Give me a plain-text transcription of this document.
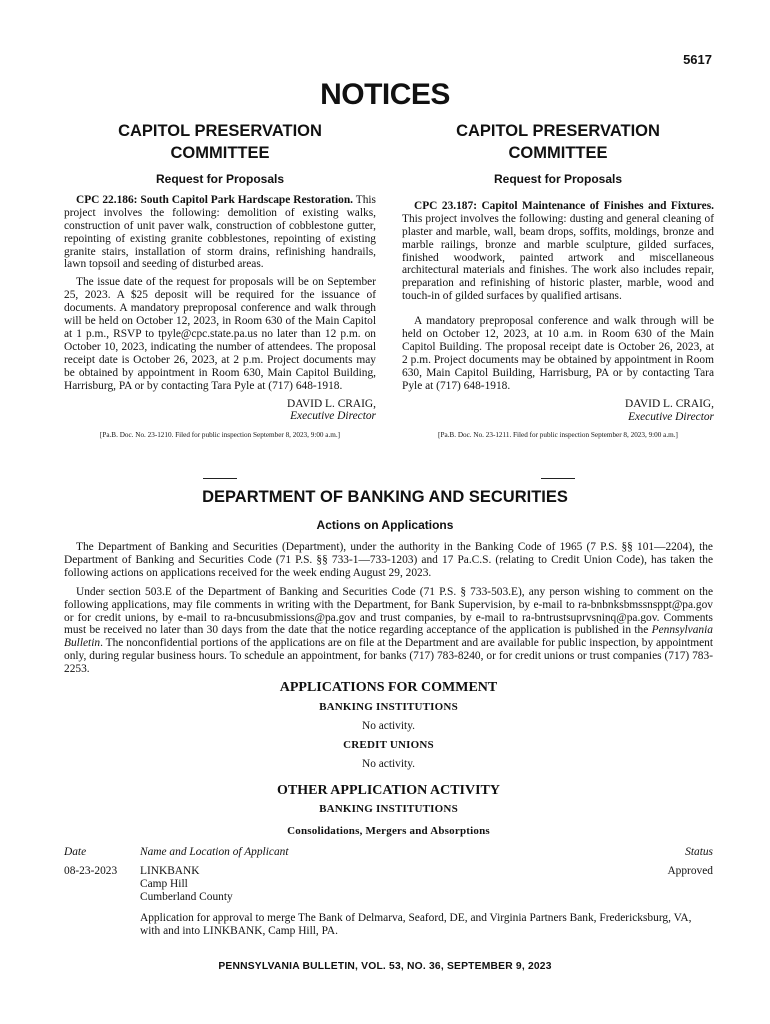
5617
NOTICES
CAPITOL PRESERVATION
COMMITTEE
Request for Proposals

CPC 22.186: South Capitol Park Hardscape Restoration. This project involves the following: demolition of existing walks, construction of unit paver walk, construction of cobblestone gutter, repointing of existing granite cobblestones, repointing of existing granite stairs, installation of storm drains, refinishing handrails, lawn topsoil and seeding of disturbed areas.

The issue date of the request for proposals will be on September 25, 2023. A $25 deposit will be required for the issuance of documents. A mandatory preproposal conference and walk through will be held on October 12, 2023, in Room 630 of the Main Capitol at 1 p.m., RSVP to tpyle@cpc.state.pa.us no later than 12 p.m. on October 10, 2023, indicating the number of attendees. The proposal receipt date is October 26, 2023, at 2 p.m. Project documents may be obtained by appointment in Room 630, Main Capitol Building, Harrisburg, PA or by contacting Tara Pyle at (717) 648-1918.

DAVID L. CRAIG,

Executive Director

[Pa.B. Doc. No. 23-1210. Filed for public inspection September 8, 2023, 9:00 a.m.]
CAPITOL PRESERVATION
COMMITTEE
Request for Proposals

CPC 23.187: Capitol Maintenance of Finishes and Fixtures. This project involves the following: dusting and general cleaning of plaster and marble, wall, beam drops, soffits, moldings, bronze and marble railings, bronze and marble sculpture, gilded surfaces, finished woodwork, painted artwork and miscellaneous architectural materials and finishes. The work also includes repair, preparation and refinishing of historic plaster, marble, wood and touch-in of gilded surfaces by qualified artisans.

A mandatory preproposal conference and walk through will be held on October 12, 2023, at 10 a.m. in Room 630 of the Main Capitol Building. The proposal receipt date is October 26, 2023, at 2 p.m. Project documents may be obtained by appointment in Room 630, Main Capitol Building, Harrisburg, PA or by contacting Tara Pyle at (717) 648-1918.

DAVID L. CRAIG,

Executive Director

[Pa.B. Doc. No. 23-1211. Filed for public inspection September 8, 2023, 9:00 a.m.]
DEPARTMENT OF BANKING AND SECURITIES
Actions on Applications

The Department of Banking and Securities (Department), under the authority in the Banking Code of 1965 (7 P.S. §§ 101—2204), the Department of Banking and Securities Code (71 P.S. §§ 733-1—733-1203) and 17 Pa.C.S. (relating to Credit Union Code), has taken the following actions on applications received for the week ending August 29, 2023.

Under section 503.E of the Department of Banking and Securities Code (71 P.S. § 733-503.E), any person wishing to comment on the following applications, may file comments in writing with the Department, for Bank Supervision, by e-mail to ra-bnbnksbmssnsppt@pa.gov or for credit unions, by e-mail to ra-bncusubmissions@pa.gov and trust companies, by e-mail to ra-bntrustsuprvsninq@pa.gov. Comments must be received no later than 30 days from the date that the notice regarding acceptance of the application is published in the Pennsylvania Bulletin. The nonconfidential portions of the applications are on file at the Department and are available for public inspection, by appointment only, during regular business hours. To schedule an appointment, for banks (717) 783-8240, or for credit unions or trust companies (717) 783-2253.

APPLICATIONS FOR COMMENT
BANKING INSTITUTIONS
No activity.
CREDIT UNIONS
No activity.
OTHER APPLICATION ACTIVITY
BANKING INSTITUTIONS
Consolidations, Mergers and Absorptions
Date	Name and Location of Applicant	Status
08-23-2023	LINKBANK
Camp Hill
Cumberland County	Approved
	Application for approval to merge The Bank of Delmarva, Seaford, DE, and Virginia Partners Bank, Fredericksburg, VA, with and into LINKBANK, Camp Hill, PA.	
PENNSYLVANIA BULLETIN, VOL. 53, NO. 36, SEPTEMBER 9, 2023
